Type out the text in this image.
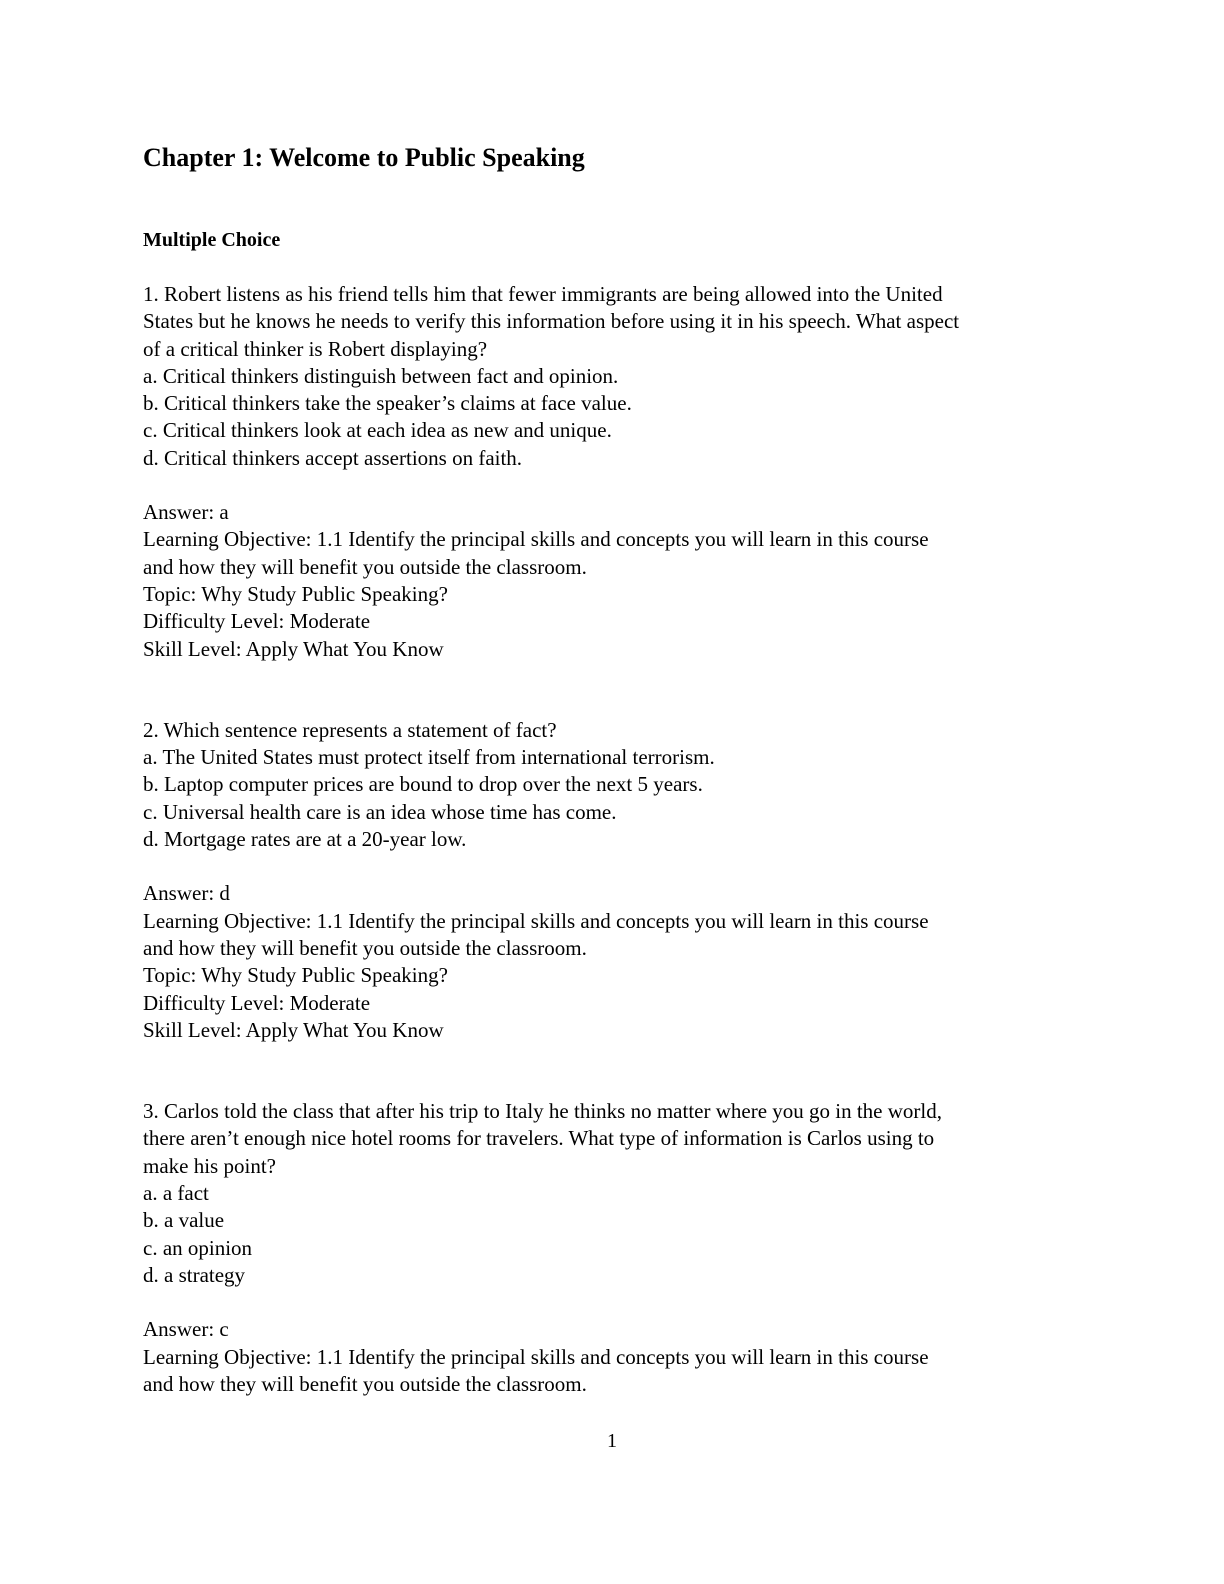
Chapter 1: Welcome to Public Speaking
Multiple Choice
1. Robert listens as his friend tells him that fewer immigrants are being allowed into the United
States but he knows he needs to verify this information before using it in his speech. What aspect
of a critical thinker is Robert displaying?
a. Critical thinkers distinguish between fact and opinion.
b. Critical thinkers take the speaker’s claims at face value.
c. Critical thinkers look at each idea as new and unique.
d. Critical thinkers accept assertions on faith.
Answer: a
Learning Objective: 1.1 Identify the principal skills and concepts you will learn in this course
and how they will benefit you outside the classroom.
Topic: Why Study Public Speaking?
Difficulty Level: Moderate
Skill Level: Apply What You Know
2. Which sentence represents a statement of fact?
a. The United States must protect itself from international terrorism.
b. Laptop computer prices are bound to drop over the next 5 years.
c. Universal health care is an idea whose time has come.
d. Mortgage rates are at a 20-year low.
Answer: d
Learning Objective: 1.1 Identify the principal skills and concepts you will learn in this course
and how they will benefit you outside the classroom.
Topic: Why Study Public Speaking?
Difficulty Level: Moderate
Skill Level: Apply What You Know
3. Carlos told the class that after his trip to Italy he thinks no matter where you go in the world,
there aren’t enough nice hotel rooms for travelers. What type of information is Carlos using to
make his point?
a. a fact
b. a value
c. an opinion
d. a strategy
Answer: c
Learning Objective: 1.1 Identify the principal skills and concepts you will learn in this course
and how they will benefit you outside the classroom.
1
